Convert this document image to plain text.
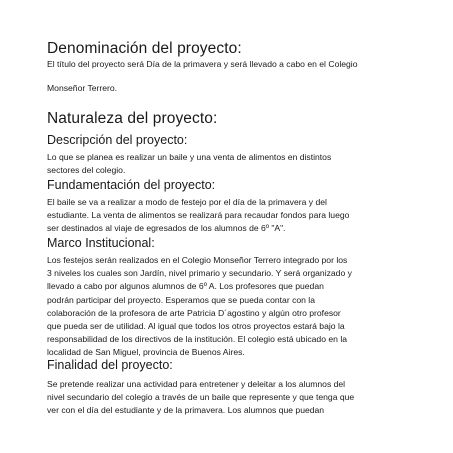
Denominación del proyecto:
El título del proyecto será Día de la primavera y será llevado a cabo en el Colegio
Monseñor Terrero.
Naturaleza del proyecto:
Descripción del proyecto:
Lo que se planea es realizar un baile y una venta de alimentos en distintos
sectores del colegio.
Fundamentación del proyecto:
El baile se va a realizar a modo de festejo por el día de la primavera y del
estudiante. La venta de alimentos se realizará para recaudar fondos para luego
ser destinados al viaje de egresados de los alumnos de 6º "A".
Marco Institucional:
Los festejos serán realizados en el Colegio Monseñor Terrero integrado por los
3 niveles los cuales son Jardín, nivel primario y secundario. Y será organizado y
llevado a cabo por algunos alumnos de 6º A. Los profesores que puedan
podrán participar del proyecto. Esperamos que se pueda contar con la
colaboración de la profesora de arte Patricia D´agostino y algún otro profesor
que pueda ser de utilidad. Al igual que todos los otros proyectos estará bajo la
responsabilidad de los directivos de la institución. El colegio está ubicado en la
localidad de San Miguel, provincia de Buenos Aires.
Finalidad del proyecto:
Se pretende realizar una actividad para entretener y deleitar a los alumnos del
nivel secundario del colegio a través de un baile que represente y que tenga que
ver con el día del estudiante y de la primavera. Los alumnos que puedan
